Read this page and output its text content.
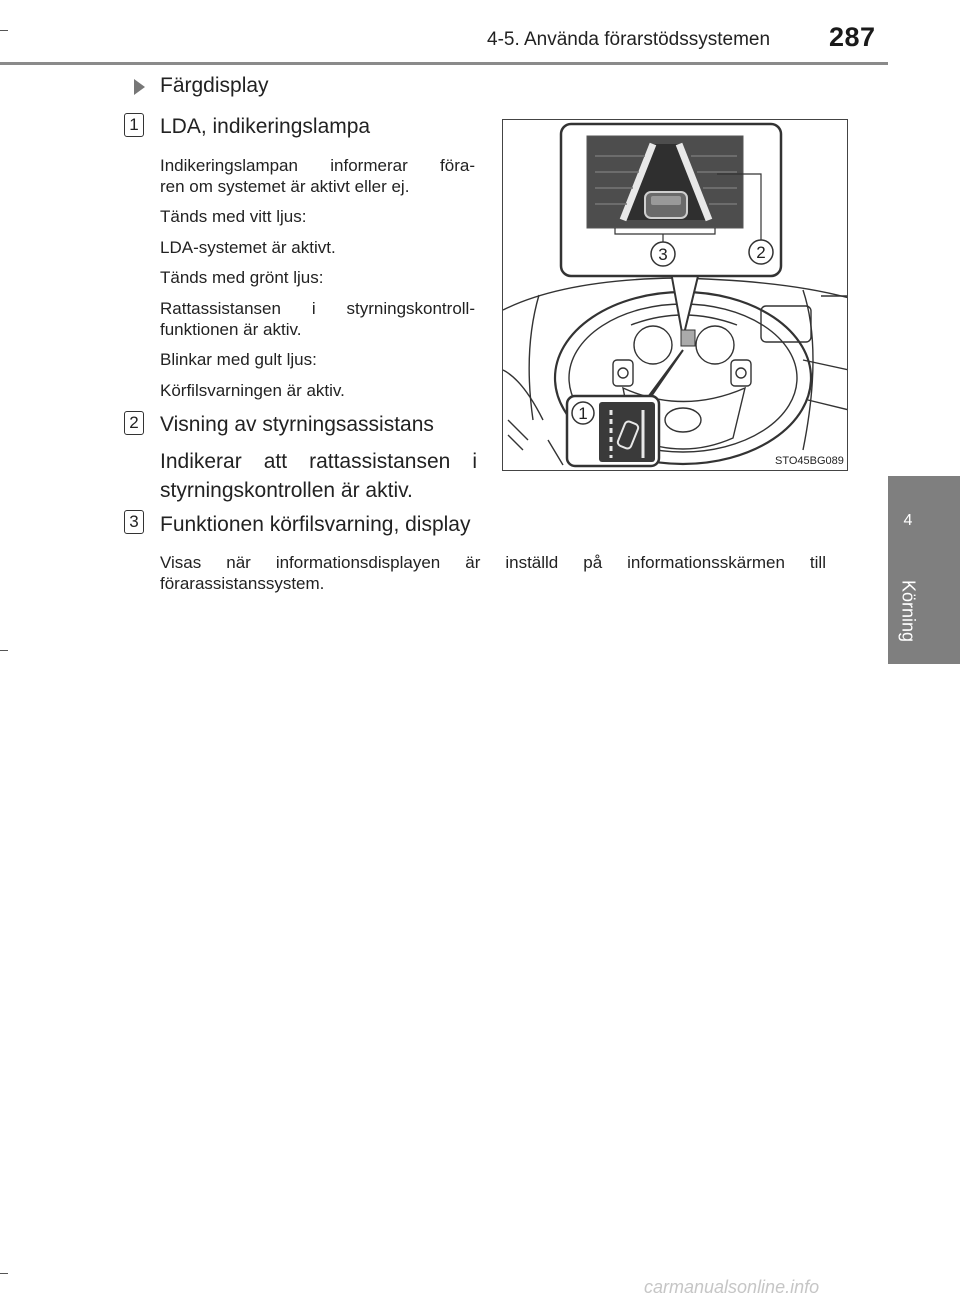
4-5. Använda förarstödssystemen 287
4
Körning
Färgdisplay
1 LDA, indikeringslampa
Indikeringslampan informerar föra-
ren om systemet är aktivt eller ej.
Tänds med vitt ljus:
LDA-systemet är aktivt.
Tänds med grönt ljus:
Rattassistansen i styrningskontroll-
funktionen är aktiv.
Blinkar med gult ljus:
Körfilsvarningen är aktiv.
2 Visning av styrningsassistans
Indikerar att rattassistansen i
styrningskontrollen är aktiv.
3 Funktionen körfilsvarning, display
Visas när informationsdisplayen är inställd på informationsskärmen till
förarassistanssystem.
3	2
1
STO45BG089
carmanualsonline.info
